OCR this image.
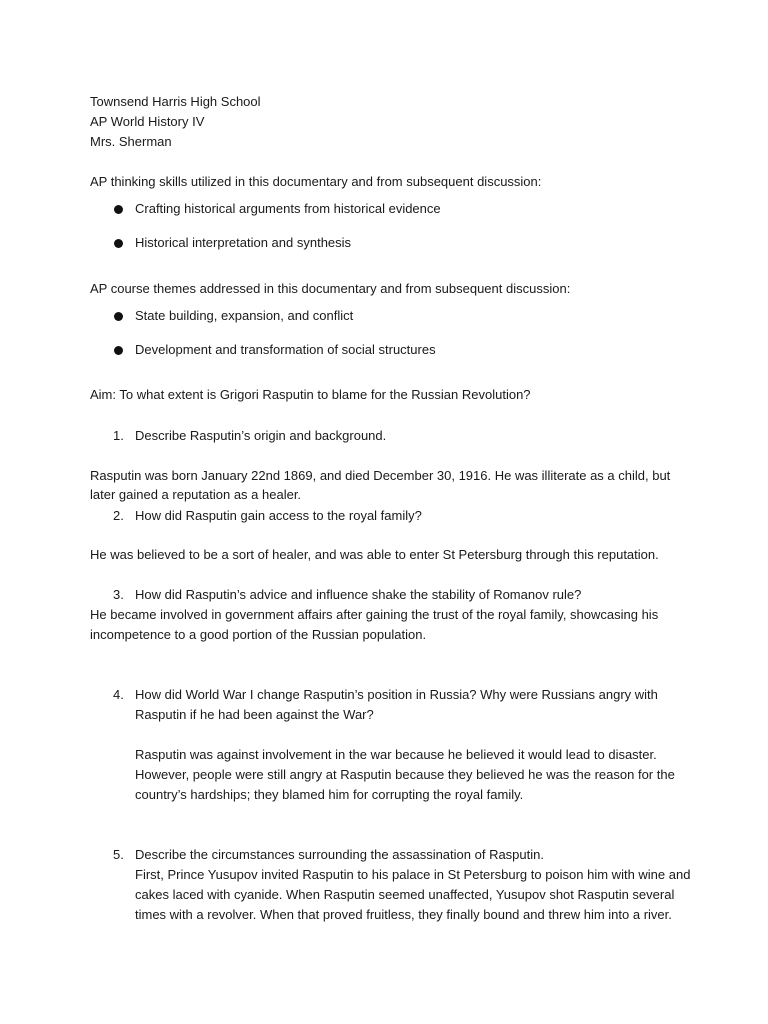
Townsend Harris High School
AP World History IV
Mrs. Sherman
AP thinking skills utilized in this documentary and from subsequent discussion:
Crafting historical arguments from historical evidence
Historical interpretation and synthesis
AP course themes addressed in this documentary and from subsequent discussion:
State building, expansion, and conflict
Development and transformation of social structures
Aim: To what extent is Grigori Rasputin to blame for the Russian Revolution?
1. Describe Rasputin’s origin and background.
Rasputin was born January 22nd 1869, and died December 30, 1916. He was illiterate as a child, but
later gained a reputation as a healer.
2. How did Rasputin gain access to the royal family?
He was believed to be a sort of healer, and was able to enter St Petersburg through this reputation.
3. How did Rasputin’s advice and influence shake the stability of Romanov rule?
He became involved in government affairs after gaining the trust of the royal family, showcasing his
incompetence to a good portion of the Russian population.
4. How did World War I change Rasputin’s position in Russia? Why were Russians angry with
Rasputin if he had been against the War?
Rasputin was against involvement in the war because he believed it would lead to disaster.
However, people were still angry at Rasputin because they believed he was the reason for the
country’s hardships; they blamed him for corrupting the royal family.
5. Describe the circumstances surrounding the assassination of Rasputin.
First, Prince Yusupov invited Rasputin to his palace in St Petersburg to poison him with wine and
cakes laced with cyanide. When Rasputin seemed unaffected, Yusupov shot Rasputin several
times with a revolver. When that proved fruitless, they finally bound and threw him into a river.
